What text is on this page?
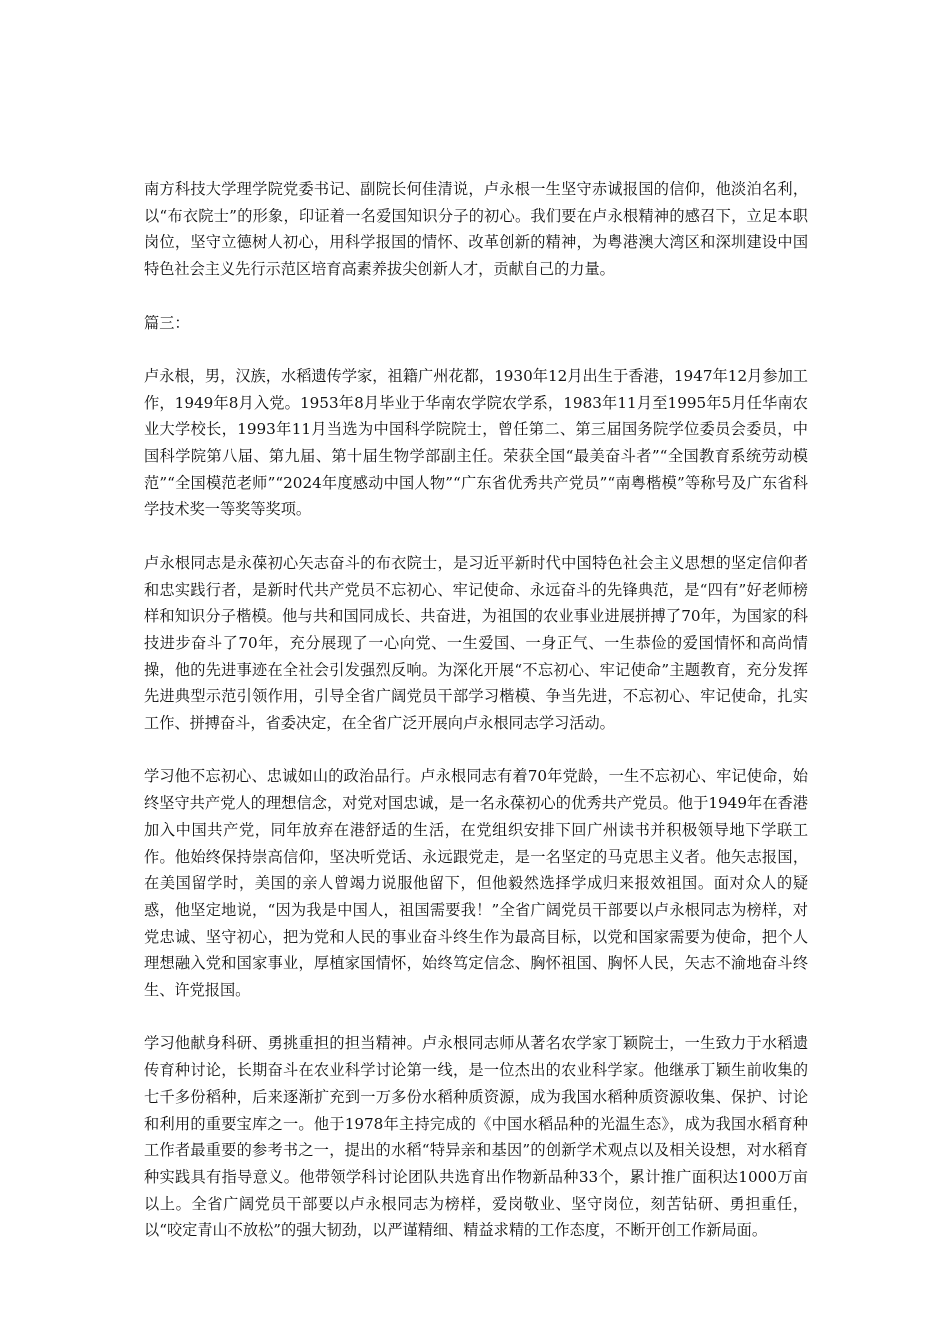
南方科技大学理学院党委书记、副院长何佳清说，卢永根一生坚守赤诚报国的信仰，他淡泊名利，以“布衣院士”的形象，印证着一名爱国知识分子的初心。我们要在卢永根精神的感召下，立足本职岗位，坚守立德树人初心，用科学报国的情怀、改革创新的精神，为粤港澳大湾区和深圳建设中国特色社会主义先行示范区培育高素养拔尖创新人才，贡献自己的力量。

篇三：

卢永根，男，汉族，水稻遗传学家，祖籍广州花都，1930年12月出生于香港，1947年12月参加工作，1949年8月入党。1953年8月毕业于华南农学院农学系，1983年11月至1995年5月任华南农业大学校长，1993年11月当选为中国科学院院士，曾任第二、第三届国务院学位委员会委员，中国科学院第八届、第九届、第十届生物学部副主任。荣获全国“最美奋斗者”“全国教育系统劳动模范”“全国模范老师”“2024年度感动中国人物”“广东省优秀共产党员”“南粤楷模”等称号及广东省科学技术奖一等奖等奖项。

卢永根同志是永葆初心矢志奋斗的布衣院士，是习近平新时代中国特色社会主义思想的坚定信仰者和忠实践行者，是新时代共产党员不忘初心、牢记使命、永远奋斗的先锋典范，是“四有”好老师榜样和知识分子楷模。他与共和国同成长、共奋进，为祖国的农业事业进展拼搏了70年，为国家的科技进步奋斗了70年，充分展现了一心向党、一生爱国、一身正气、一生恭俭的爱国情怀和高尚情操，他的先进事迹在全社会引发强烈反响。为深化开展“不忘初心、牢记使命”主题教育，充分发挥先进典型示范引领作用，引导全省广阔党员干部学习楷模、争当先进，不忘初心、牢记使命，扎实工作、拼搏奋斗，省委决定，在全省广泛开展向卢永根同志学习活动。

学习他不忘初心、忠诚如山的政治品行。卢永根同志有着70年党龄，一生不忘初心、牢记使命，始终坚守共产党人的理想信念，对党对国忠诚，是一名永葆初心的优秀共产党员。他于1949年在香港加入中国共产党，同年放弃在港舒适的生活，在党组织安排下回广州读书并积极领导地下学联工作。他始终保持崇高信仰，坚决听党话、永远跟党走，是一名坚定的马克思主义者。他矢志报国，在美国留学时，美国的亲人曾竭力说服他留下，但他毅然选择学成归来报效祖国。面对众人的疑惑，他坚定地说，“因为我是中国人，祖国需要我！”全省广阔党员干部要以卢永根同志为榜样，对党忠诚、坚守初心，把为党和人民的事业奋斗终生作为最高目标，以党和国家需要为使命，把个人理想融入党和国家事业，厚植家国情怀，始终笃定信念、胸怀祖国、胸怀人民，矢志不渝地奋斗终生、许党报国。

学习他献身科研、勇挑重担的担当精神。卢永根同志师从著名农学家丁颖院士，一生致力于水稻遗传育种讨论，长期奋斗在农业科学讨论第一线，是一位杰出的农业科学家。他继承丁颖生前收集的七千多份稻种，后来逐渐扩充到一万多份水稻种质资源，成为我国水稻种质资源收集、保护、讨论和利用的重要宝库之一。他于1978年主持完成的《中国水稻品种的光温生态》，成为我国水稻育种工作者最重要的参考书之一，提出的水稻“特异亲和基因”的创新学术观点以及相关设想，对水稻育种实践具有指导意义。他带领学科讨论团队共选育出作物新品种33个，累计推广面积达1000万亩以上。全省广阔党员干部要以卢永根同志为榜样，爱岗敬业、坚守岗位，刻苦钻研、勇担重任，以“咬定青山不放松”的强大韧劲，以严谨精细、精益求精的工作态度，不断开创工作新局面。
